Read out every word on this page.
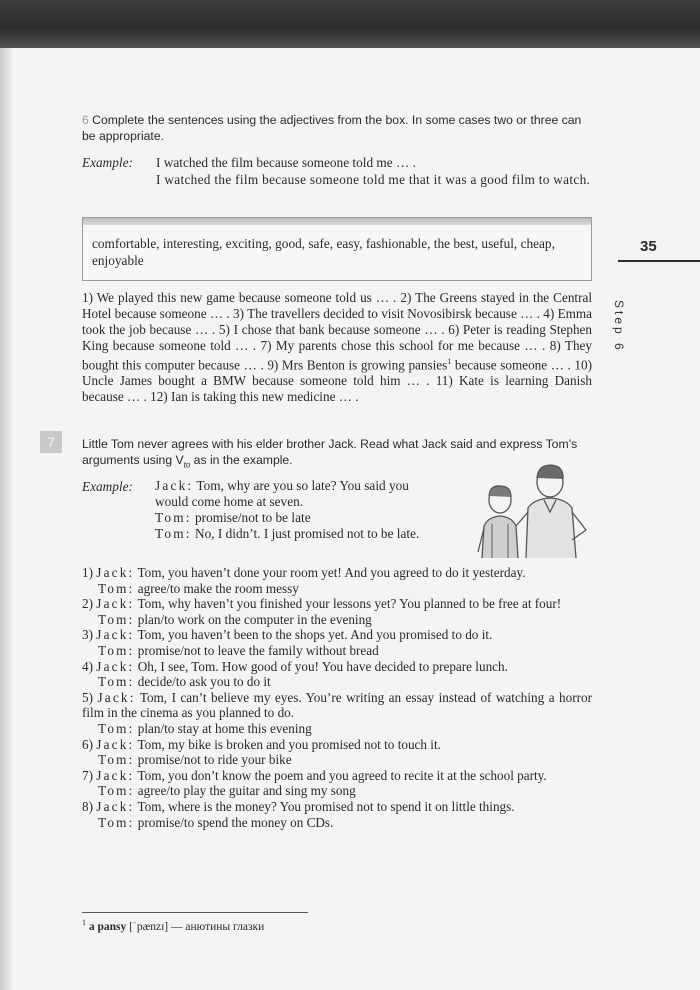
6 Complete the sentences using the adjectives from the box. In some cases two or three can be appropriate.
Example: I watched the film because someone told me … .
I watched the film because someone told me that it was a good film to watch.
comfortable, interesting, exciting, good, safe, easy, fashionable, the best, useful, cheap, enjoyable
35
Step 6

1) We played this new game because someone told us … . 2) The Greens stayed in the Central Hotel because someone … . 3) The travellers decided to visit Novosibirsk because … . 4) Emma took the job because … . 5) I chose that bank because someone … . 6) Peter is reading Stephen King because someone told … . 7) My parents chose this school for me because … . 8) They bought this computer because … . 9) Mrs Benton is growing pansies$^1$ because someone … . 10) Uncle James bought a BMW because someone told him … . 11) Kate is learning Danish because … . 12) Ian is taking this new medicine … .

7	Little Tom never agrees with his elder brother Jack. Read what Jack said and express Tom’s arguments using $V_{to}$ as in the example.
Example: Jack: Tom, why are you so late? You said you would come home at seven.
Tom: promise/not to be late
Tom: No, I didn’t. I just promised not to be late.
1) Jack: Tom, you haven’t done your room yet! And you agreed to do it yesterday.
Tom: agree/to make the room messy
2) Jack: Tom, why haven’t you finished your lessons yet? You planned to be free at four!
Tom: plan/to work on the computer in the evening
3) Jack: Tom, you haven’t been to the shops yet. And you promised to do it.
Tom: promise/not to leave the family without bread
4) Jack: Oh, I see, Tom. How good of you! You have decided to prepare lunch.
Tom: decide/to ask you to do it
5) Jack: Tom, I can’t believe my eyes. You’re writing an essay instead of watching a horror film in the cinema as you planned to do.
Tom: plan/to stay at home this evening
6) Jack: Tom, my bike is broken and you promised not to touch it.
Tom: promise/not to ride your bike
7) Jack: Tom, you don’t know the poem and you agreed to recite it at the school party.
Tom: agree/to play the guitar and sing my song
8) Jack: Tom, where is the money? You promised not to spend it on little things.
Tom: promise/to spend the money on CDs.
$^1$ a pansy [ˈpænzɪ] — анютины глазки
